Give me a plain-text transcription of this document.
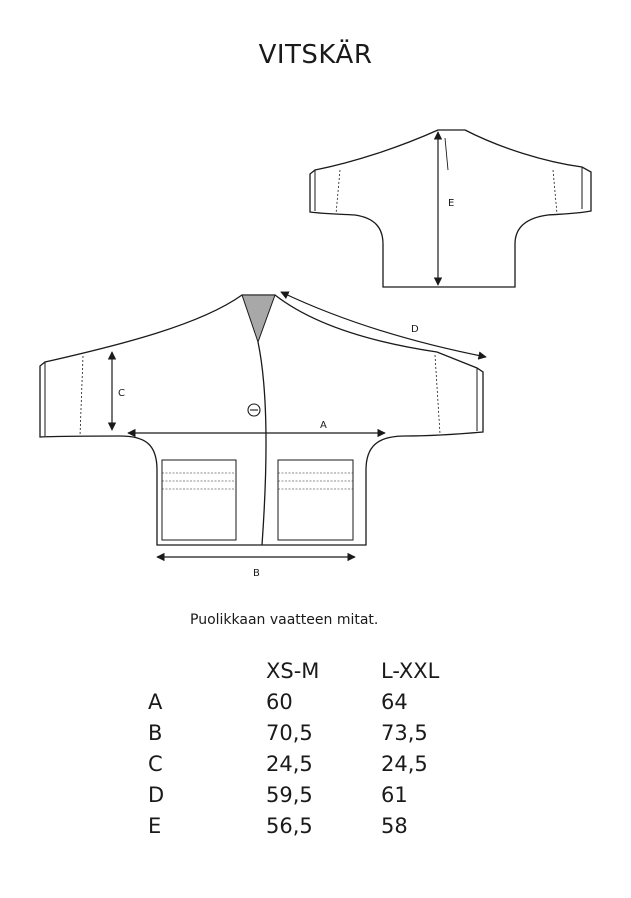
VITSKÄR
E
A
B
C
D
Puolikkaan vaatteen mitat.
	XS-M	L-XXL
A	60	64
B	70,5	73,5
C	24,5	24,5
D	59,5	61
E	56,5	58
